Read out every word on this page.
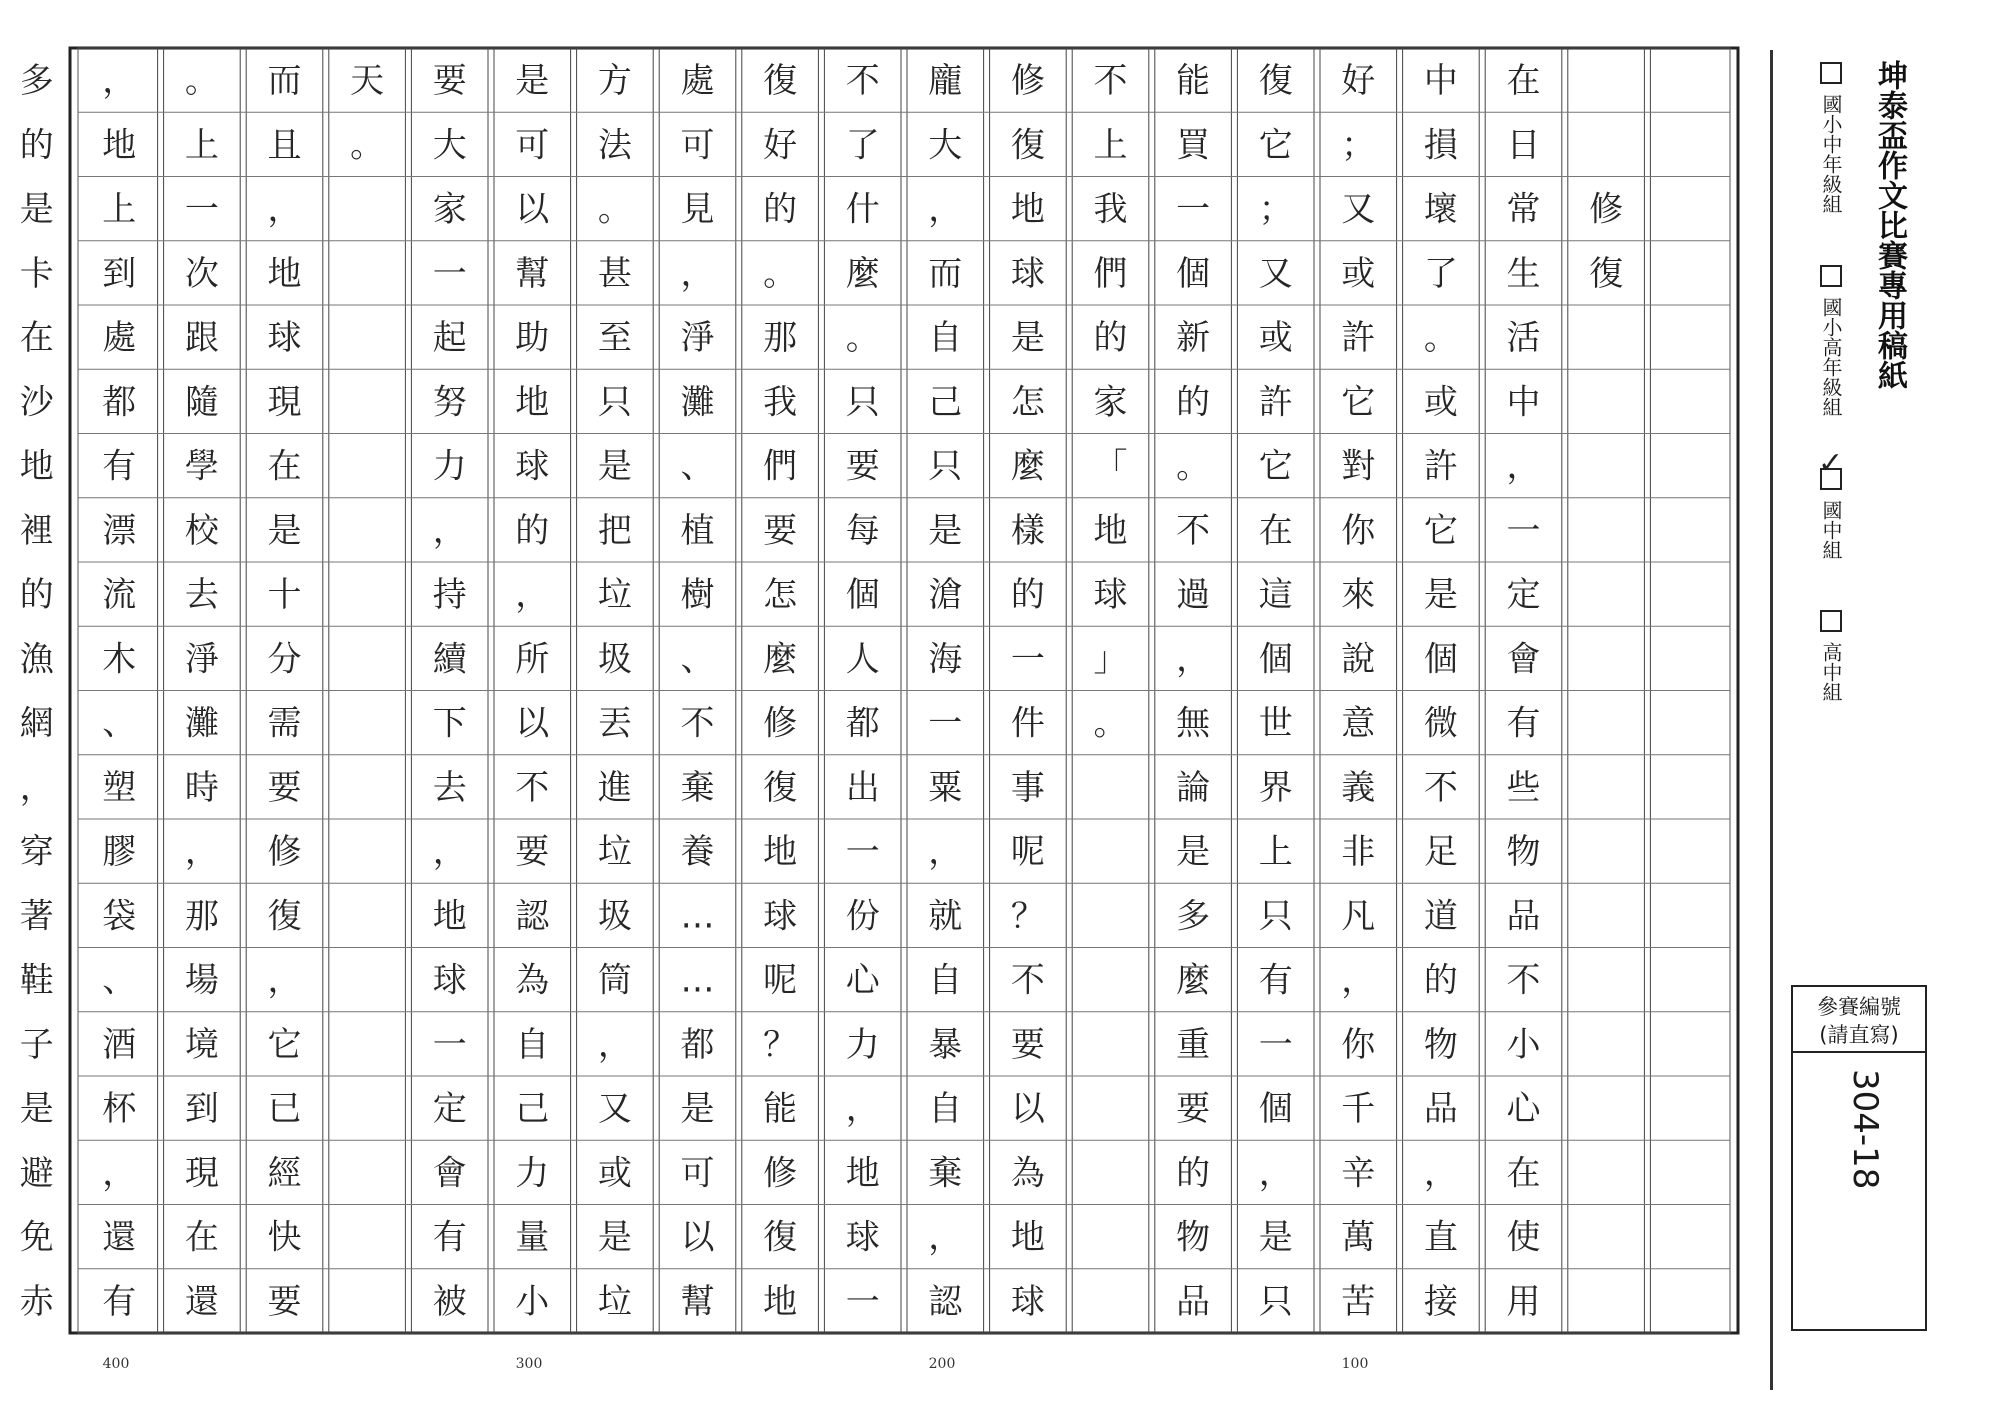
修
復
在
日
常
生
活
中
，
一
定
會
有
些
物
品
不
小
心
在
使
用
中
損
壞
了
。
或
許
它
是
個
微
不
足
道
的
物
品
，
直
接
好
；
又
或
許
它
對
你
來
說
意
義
非
凡
，
你
千
辛
萬
苦
復
它
；
又
或
許
它
在
這
個
世
界
上
只
有
一
個
，
是
只
能
買
一
個
新
的
。
不
過
，
無
論
是
多
麼
重
要
的
物
品
不
上
我
們
的
家
「
地
球
」
。
修
復
地
球
是
怎
麼
樣
的
一
件
事
呢
？
不
要
以
為
地
球
龐
大
，
而
自
己
只
是
滄
海
一
粟
，
就
自
暴
自
棄
，
認
不
了
什
麼
。
只
要
每
個
人
都
出
一
份
心
力
，
地
球
一
復
好
的
。
那
我
們
要
怎
麼
修
復
地
球
呢
？
能
修
復
地
處
可
見
，
淨
灘
、
植
樹
、
不
棄
養
…
…
都
是
可
以
幫
方
法
。
甚
至
只
是
把
垃
圾
丟
進
垃
圾
筒
，
又
或
是
垃
是
可
以
幫
助
地
球
的
，
所
以
不
要
認
為
自
己
力
量
小
要
大
家
一
起
努
力
，
持
續
下
去
，
地
球
一
定
會
有
被
天
。
而
且
，
地
球
現
在
是
十
分
需
要
修
復
，
它
已
經
快
要
。
上
一
次
跟
隨
學
校
去
淨
灘
時
，
那
場
境
到
現
在
還
，
地
上
到
處
都
有
漂
流
木
、
塑
膠
袋
、
酒
杯
，
還
有
多
的
是
卡
在
沙
地
裡
的
漁
網
，
穿
著
鞋
子
是
避
免
赤
100
200
300
400
坤泰盃作文比賽專用稿紙
國小中年級組
國小高年級組
✓
國中組
高中組
參賽編號
(請直寫)
304-18
